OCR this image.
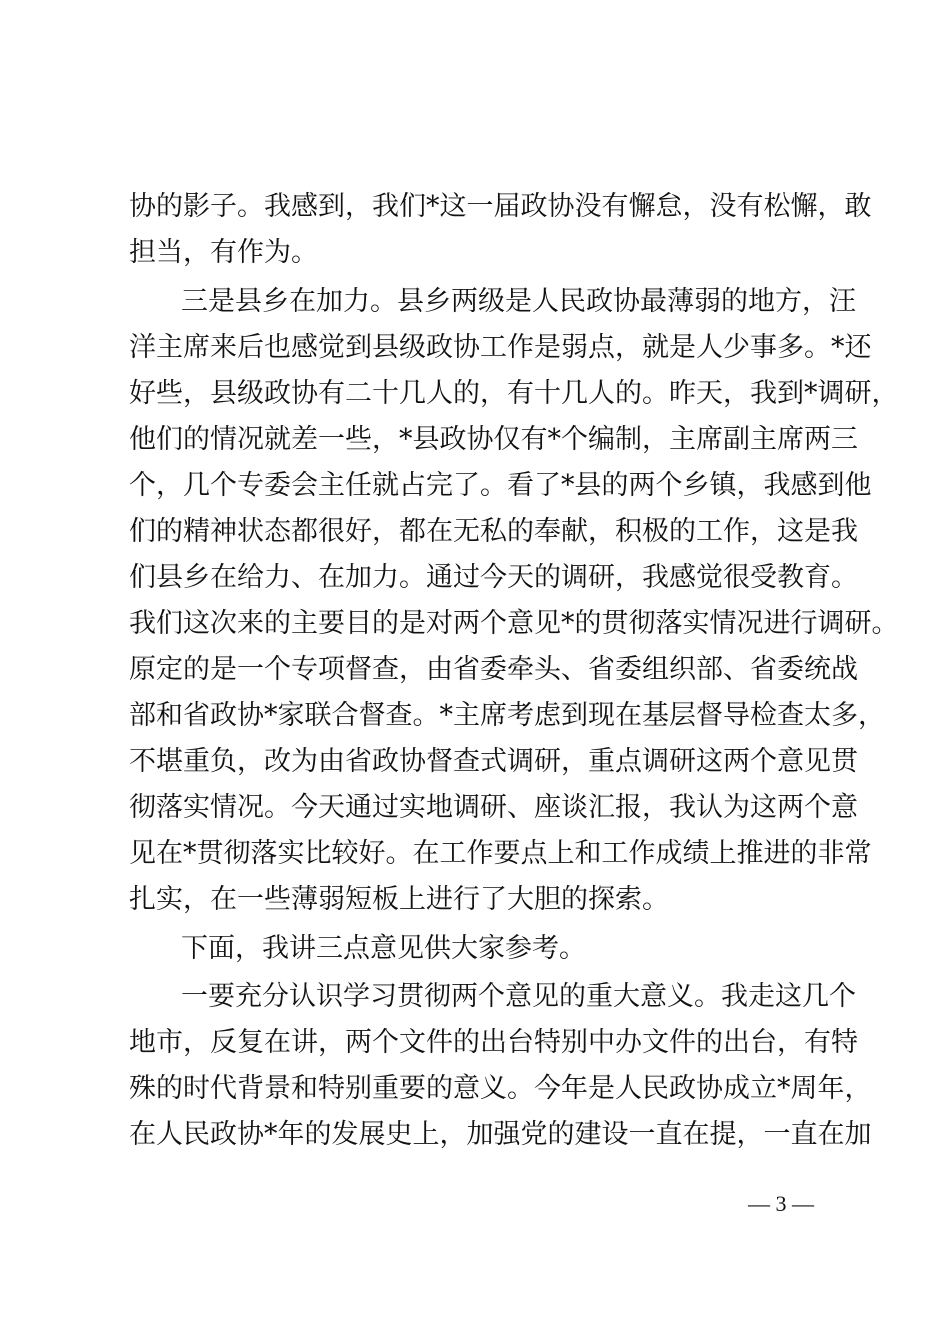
协的影子。我感到，我们*这一届政协没有懈怠，没有松懈，敢
担当，有作为。
三是县乡在加力。县乡两级是人民政协最薄弱的地方，汪
洋主席来后也感觉到县级政协工作是弱点，就是人少事多。*还
好些，县级政协有二十几人的，有十几人的。昨天，我到*调研，
他们的情况就差一些，*县政协仅有*个编制，主席副主席两三
个，几个专委会主任就占完了。看了*县的两个乡镇，我感到他
们的精神状态都很好，都在无私的奉献，积极的工作，这是我
们县乡在给力、在加力。通过今天的调研，我感觉很受教育。
我们这次来的主要目的是对两个意见*的贯彻落实情况进行调研。
原定的是一个专项督查，由省委牵头、省委组织部、省委统战
部和省政协*家联合督查。*主席考虑到现在基层督导检查太多，
不堪重负，改为由省政协督查式调研，重点调研这两个意见贯
彻落实情况。今天通过实地调研、座谈汇报，我认为这两个意
见在*贯彻落实比较好。在工作要点上和工作成绩上推进的非常
扎实，在一些薄弱短板上进行了大胆的探索。
下面，我讲三点意见供大家参考。
一要充分认识学习贯彻两个意见的重大意义。我走这几个
地市，反复在讲，两个文件的出台特别中办文件的出台，有特
殊的时代背景和特别重要的意义。今年是人民政协成立*周年，
在人民政协*年的发展史上，加强党的建设一直在提，一直在加
— 3 —
